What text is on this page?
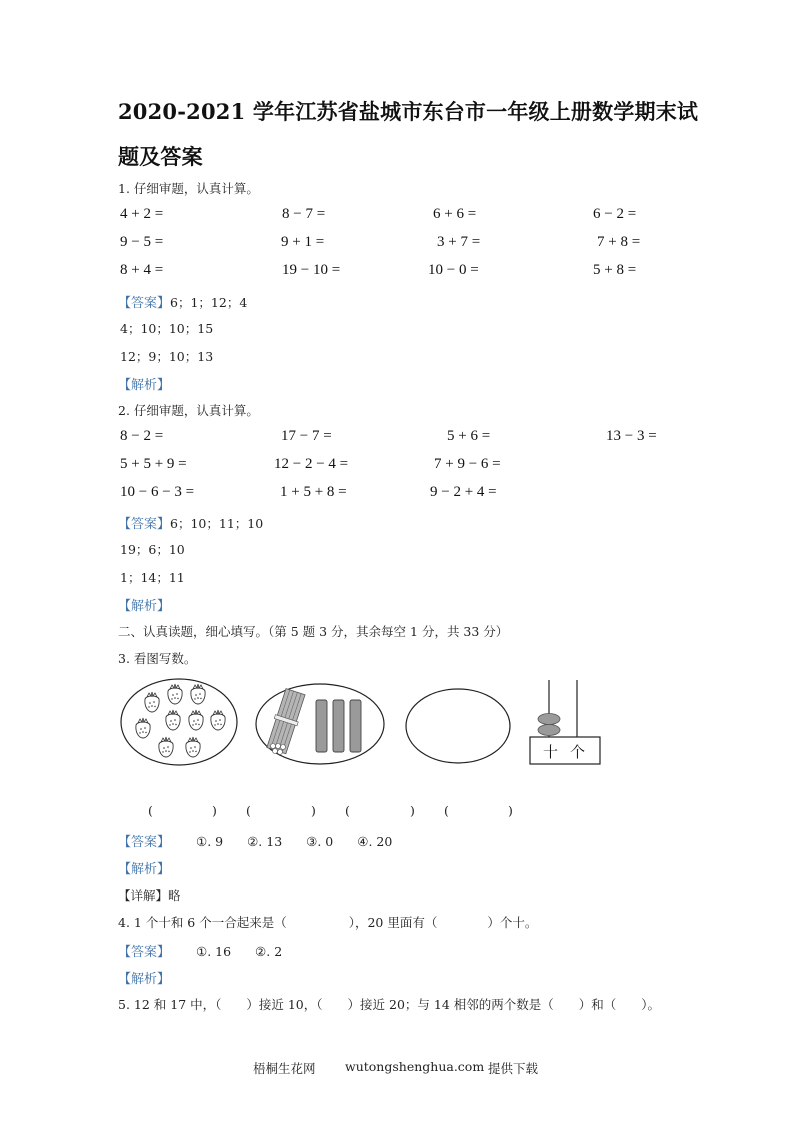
2020-2021 学年江苏省盐城市东台市一年级上册数学期末试
题及答案
1. 仔细审题，认真计算。
4 + 2 =	8 − 7 =	6 + 6 =	6 − 2 =
9 − 5 =	9 + 1 =	3 + 7 =	7 + 8 =
8 + 4 =	19 − 10 =	10 − 0 =	5 + 8 =
【答案】6；1；12；4
4；10；10；15
12；9；10；13
【解析】
2. 仔细审题，认真计算。
8 − 2 =	17 − 7 =	5 + 6 =	13 − 3 =
5 + 5 + 9 =	12 − 2 − 4 =	7 + 9 − 6 =
10 − 6 − 3 =	1 + 5 + 8 =	9 − 2 + 4 =
【答案】6；10；11；10
19；6；10
1；14；11
【解析】
二、认真读题，细心填写。（第 5 题 3 分，其余每空 1 分，共 33 分）
3. 看图写数。
十 个
(	) (	) (	) (	)
【答案】 ①. 9 ②. 13 ③. 0 ④. 20
【解析】
【详解】略
4. 1 个十和 6 个一合起来是（	），20 里面有（	）个十。
【答案】 ①. 16 ②. 2
【解析】
5. 12 和 17 中，（　　）接近 10，（　　）接近 20；与 14 相邻的两个数是（　　）和（　　）。
梧桐生花网 wutongshenghua.com 提供下载
